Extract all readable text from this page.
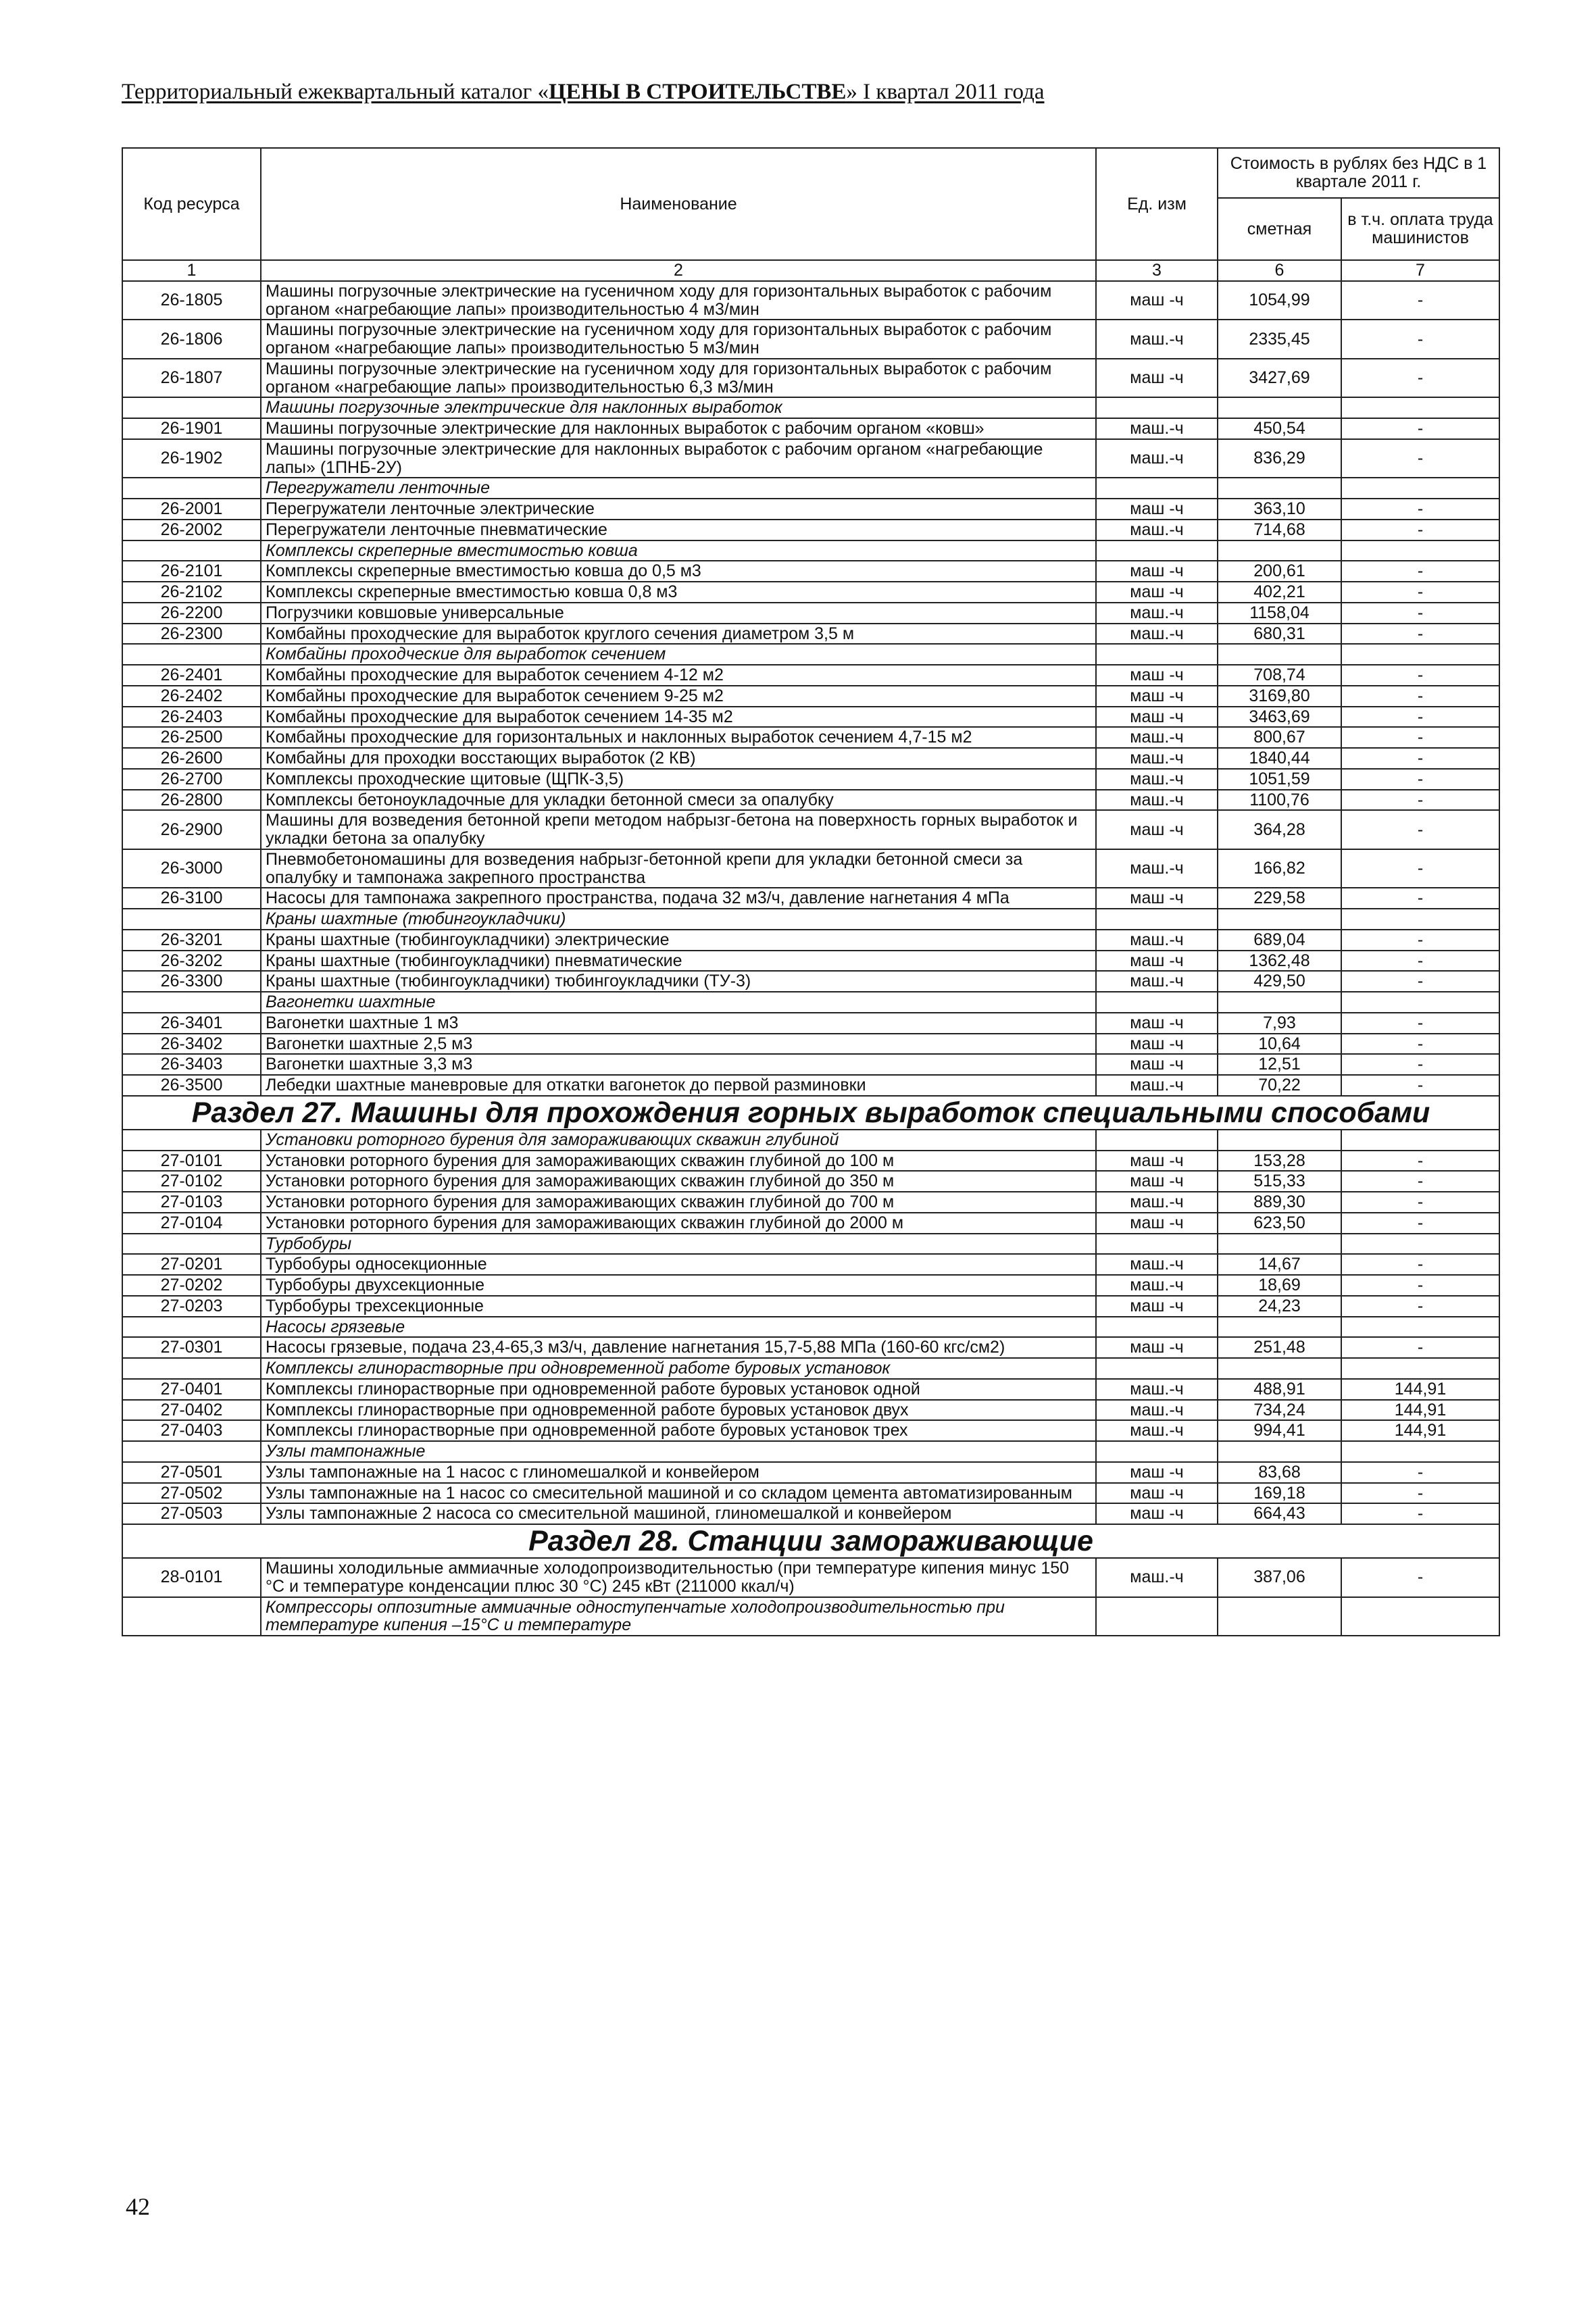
Территориальный ежеквартальный каталог «ЦЕНЫ В СТРОИТЕЛЬСТВЕ» I квартал 2011 года
Код ресурса	Наименование	Ед. изм	Стоимость в рублях без НДС в 1 квартале 2011 г.	
			сметная	в т.ч. оплата труда машинистов
1	2	3	6	7
26-1805	Машины погрузочные электрические на гусеничном ходу для горизонтальных выработок с рабочим органом «нагребающие лапы» производительностью 4 м3/мин	маш -ч	1054,99	-
26-1806	Машины погрузочные электрические на гусеничном ходу для горизонтальных выработок с рабочим органом «нагребающие лапы» производительностью 5 м3/мин	маш.-ч	2335,45	-
26-1807	Машины погрузочные электрические на гусеничном ходу для горизонтальных выработок с рабочим органом «нагребающие лапы» производительностью 6,3 м3/мин	маш -ч	3427,69	-
	Машины погрузочные электрические для наклонных выработок			
26-1901	Машины погрузочные электрические для наклонных выработок с рабочим органом «ковш»	маш.-ч	450,54	-
26-1902	Машины погрузочные электрические для наклонных выработок с рабочим органом «нагребающие лапы» (1ПНБ-2У)	маш.-ч	836,29	-
	Перегружатели ленточные			
26-2001	Перегружатели ленточные электрические	маш -ч	363,10	-
26-2002	Перегружатели ленточные пневматические	маш.-ч	714,68	-
	Комплексы скреперные вместимостью ковша			
26-2101	Комплексы скреперные вместимостью ковша до 0,5 м3	маш -ч	200,61	-
26-2102	Комплексы скреперные вместимостью ковша 0,8 м3	маш -ч	402,21	-
26-2200	Погрузчики ковшовые универсальные	маш.-ч	1158,04	-
26-2300	Комбайны проходческие для выработок круглого сечения диаметром 3,5 м	маш.-ч	680,31	-
	Комбайны проходческие для выработок сечением			
26-2401	Комбайны проходческие для выработок сечением 4-12 м2	маш -ч	708,74	-
26-2402	Комбайны проходческие для выработок сечением 9-25 м2	маш -ч	3169,80	-
26-2403	Комбайны проходческие для выработок сечением 14-35 м2	маш -ч	3463,69	-
26-2500	Комбайны проходческие для горизонтальных и наклонных выработок сечением 4,7-15 м2	маш.-ч	800,67	-
26-2600	Комбайны для проходки восстающих выработок (2 КВ)	маш.-ч	1840,44	-
26-2700	Комплексы проходческие щитовые (ЩПК-3,5)	маш.-ч	1051,59	-
26-2800	Комплексы бетоноукладочные для укладки бетонной смеси за опалубку	маш.-ч	1100,76	-
26-2900	Машины для возведения бетонной крепи методом набрызг-бетона на поверхность горных выработок и укладки бетона за опалубку	маш -ч	364,28	-
26-3000	Пневмобетономашины для возведения набрызг-бетонной крепи для укладки бетонной смеси за опалубку и тампонажа закрепного пространства	маш.-ч	166,82	-
26-3100	Насосы для тампонажа закрепного пространства, подача 32 м3/ч, давление нагнетания 4 мПа	маш -ч	229,58	-
	Краны шахтные (тюбингоукладчики)			
26-3201	Краны шахтные (тюбингоукладчики) электрические	маш.-ч	689,04	-
26-3202	Краны шахтные (тюбингоукладчики) пневматические	маш -ч	1362,48	-
26-3300	Краны шахтные (тюбингоукладчики) тюбингоукладчики (ТУ-3)	маш.-ч	429,50	-
	Вагонетки шахтные			
26-3401	Вагонетки шахтные 1 м3	маш -ч	7,93	-
26-3402	Вагонетки шахтные 2,5 м3	маш -ч	10,64	-
26-3403	Вагонетки шахтные 3,3 м3	маш -ч	12,51	-
26-3500	Лебедки шахтные маневровые для откатки вагонеток до первой разминовки	маш.-ч	70,22	-
Раздел 27. Машины для прохождения горных выработок специальными способами				
	Установки роторного бурения для замораживающих скважин глубиной			
27-0101	Установки роторного бурения для замораживающих скважин глубиной до 100 м	маш -ч	153,28	-
27-0102	Установки роторного бурения для замораживающих скважин глубиной до 350 м	маш -ч	515,33	-
27-0103	Установки роторного бурения для замораживающих скважин глубиной до 700 м	маш.-ч	889,30	-
27-0104	Установки роторного бурения для замораживающих скважин глубиной до 2000 м	маш -ч	623,50	-
	Турбобуры			
27-0201	Турбобуры односекционные	маш.-ч	14,67	-
27-0202	Турбобуры двухсекционные	маш.-ч	18,69	-
27-0203	Турбобуры трехсекционные	маш -ч	24,23	-
	Насосы грязевые			
27-0301	Насосы грязевые, подача 23,4-65,3 м3/ч, давление нагнетания 15,7-5,88 МПа (160-60 кгс/см2)	маш -ч	251,48	-
	Комплексы глинорастворные при одновременной работе буровых установок			
27-0401	Комплексы глинорастворные при одновременной работе буровых установок одной	маш.-ч	488,91	144,91
27-0402	Комплексы глинорастворные при одновременной работе буровых установок двух	маш.-ч	734,24	144,91
27-0403	Комплексы глинорастворные при одновременной работе буровых установок трех	маш.-ч	994,41	144,91
	Узлы тампонажные			
27-0501	Узлы тампонажные на 1 насос с глиномешалкой и конвейером	маш -ч	83,68	-
27-0502	Узлы тампонажные на 1 насос со смесительной машиной и со складом цемента автоматизированным	маш -ч	169,18	-
27-0503	Узлы тампонажные 2 насоса со смесительной машиной, глиномешалкой и конвейером	маш -ч	664,43	-
Раздел 28. Станции замораживающие				
28-0101	Машины холодильные аммиачные холодопроизводительностью (при температуре кипения минус 150 °С и температуре конденсации плюс 30 °С) 245 кВт (211000 ккал/ч)	маш.-ч	387,06	-
	Компрессоры оппозитные аммиачные одноступенчатые холодопроизводительностью при температуре кипения –15°С и температуре			
42
